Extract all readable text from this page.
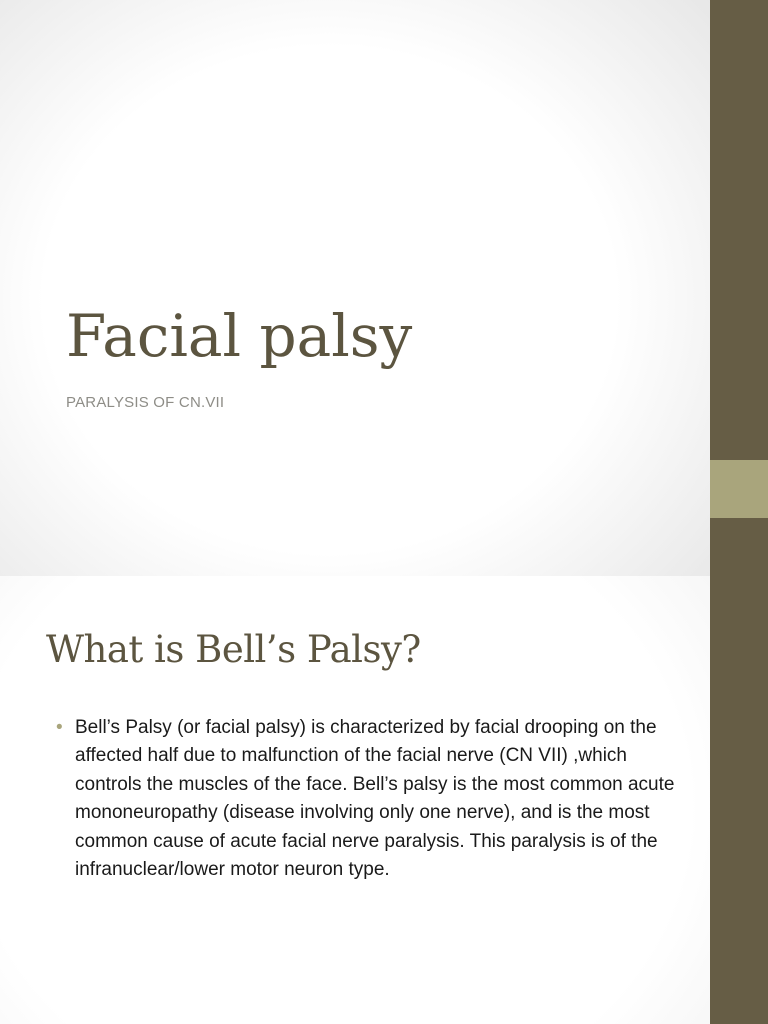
Facial palsy

PARALYSIS OF CN.VII

What is Bell’s Palsy?
• Bell’s Palsy (or facial palsy) is characterized by facial drooping on the affected half due to malfunction of the facial nerve (CN VII) ,which controls the muscles of the face. Bell’s palsy is the most common acute mononeuropathy (disease involving only one nerve), and is the most common cause of acute facial nerve paralysis. This paralysis is of the infranuclear/lower motor neuron type.
